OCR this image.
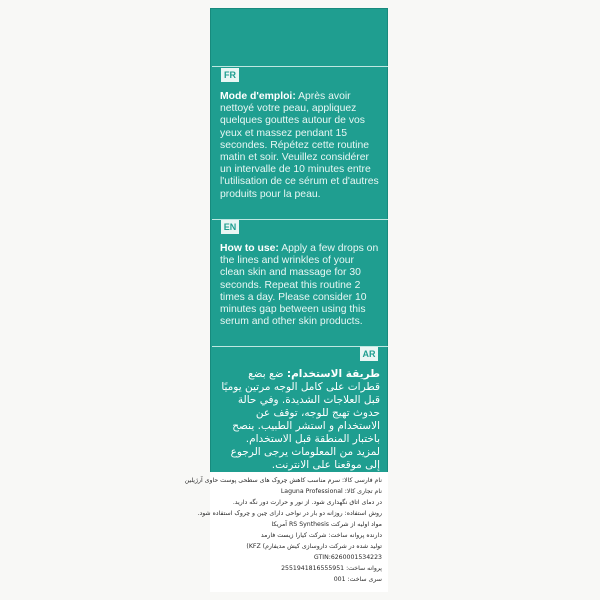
FR
Mode d'emploi: Après avoir nettoyé votre peau, appliquez quelques gouttes autour de vos yeux et massez pendant 15 secondes. Répétez cette routine matin et soir. Veuillez considérer un intervalle de 10 minutes entre l'utilisation de ce sérum et d'autres produits pour la peau.
EN
How to use: Apply a few drops on the lines and wrinkles of your clean skin and massage for 30 seconds. Repeat this routine 2 times a day. Please consider 10 minutes gap between using this serum and other skin products.
AR
طريقة الاستخدام: ضع بضع قطرات على كامل الوجه مرتين يوميًا قبل العلاجات الشديدة. وفي حالة حدوث تهيج للوجه، توقف عن الاستخدام و استشر الطبيب. ينصح باختبار المنطقة قبل الاستخدام. لمزيد من المعلومات يرجى الرجوع إلى موقعنا على الانترنت.
نام فارسی کالا: سرم مناسب کاهش چروک های سطحی پوست حاوی آرژیلین
نام تجاری کالا: Laguna Professional
در دمای اتاق نگهداری شود. از نور و حرارت دور نگه دارید.
روش استفاده: روزانه دو بار در نواحی دارای چین و چروک استفاده شود.
مواد اولیه از شرکت RS Synthesis آمریکا
دارنده پروانه ساخت: شرکت کیارا زیست فارمد
تولید شده در شرکت داروسازی کیش مدیفارم) KFZ)
GTIN:6260001534223
پروانه ساخت: 2551941816555951
سری ساخت: 001
